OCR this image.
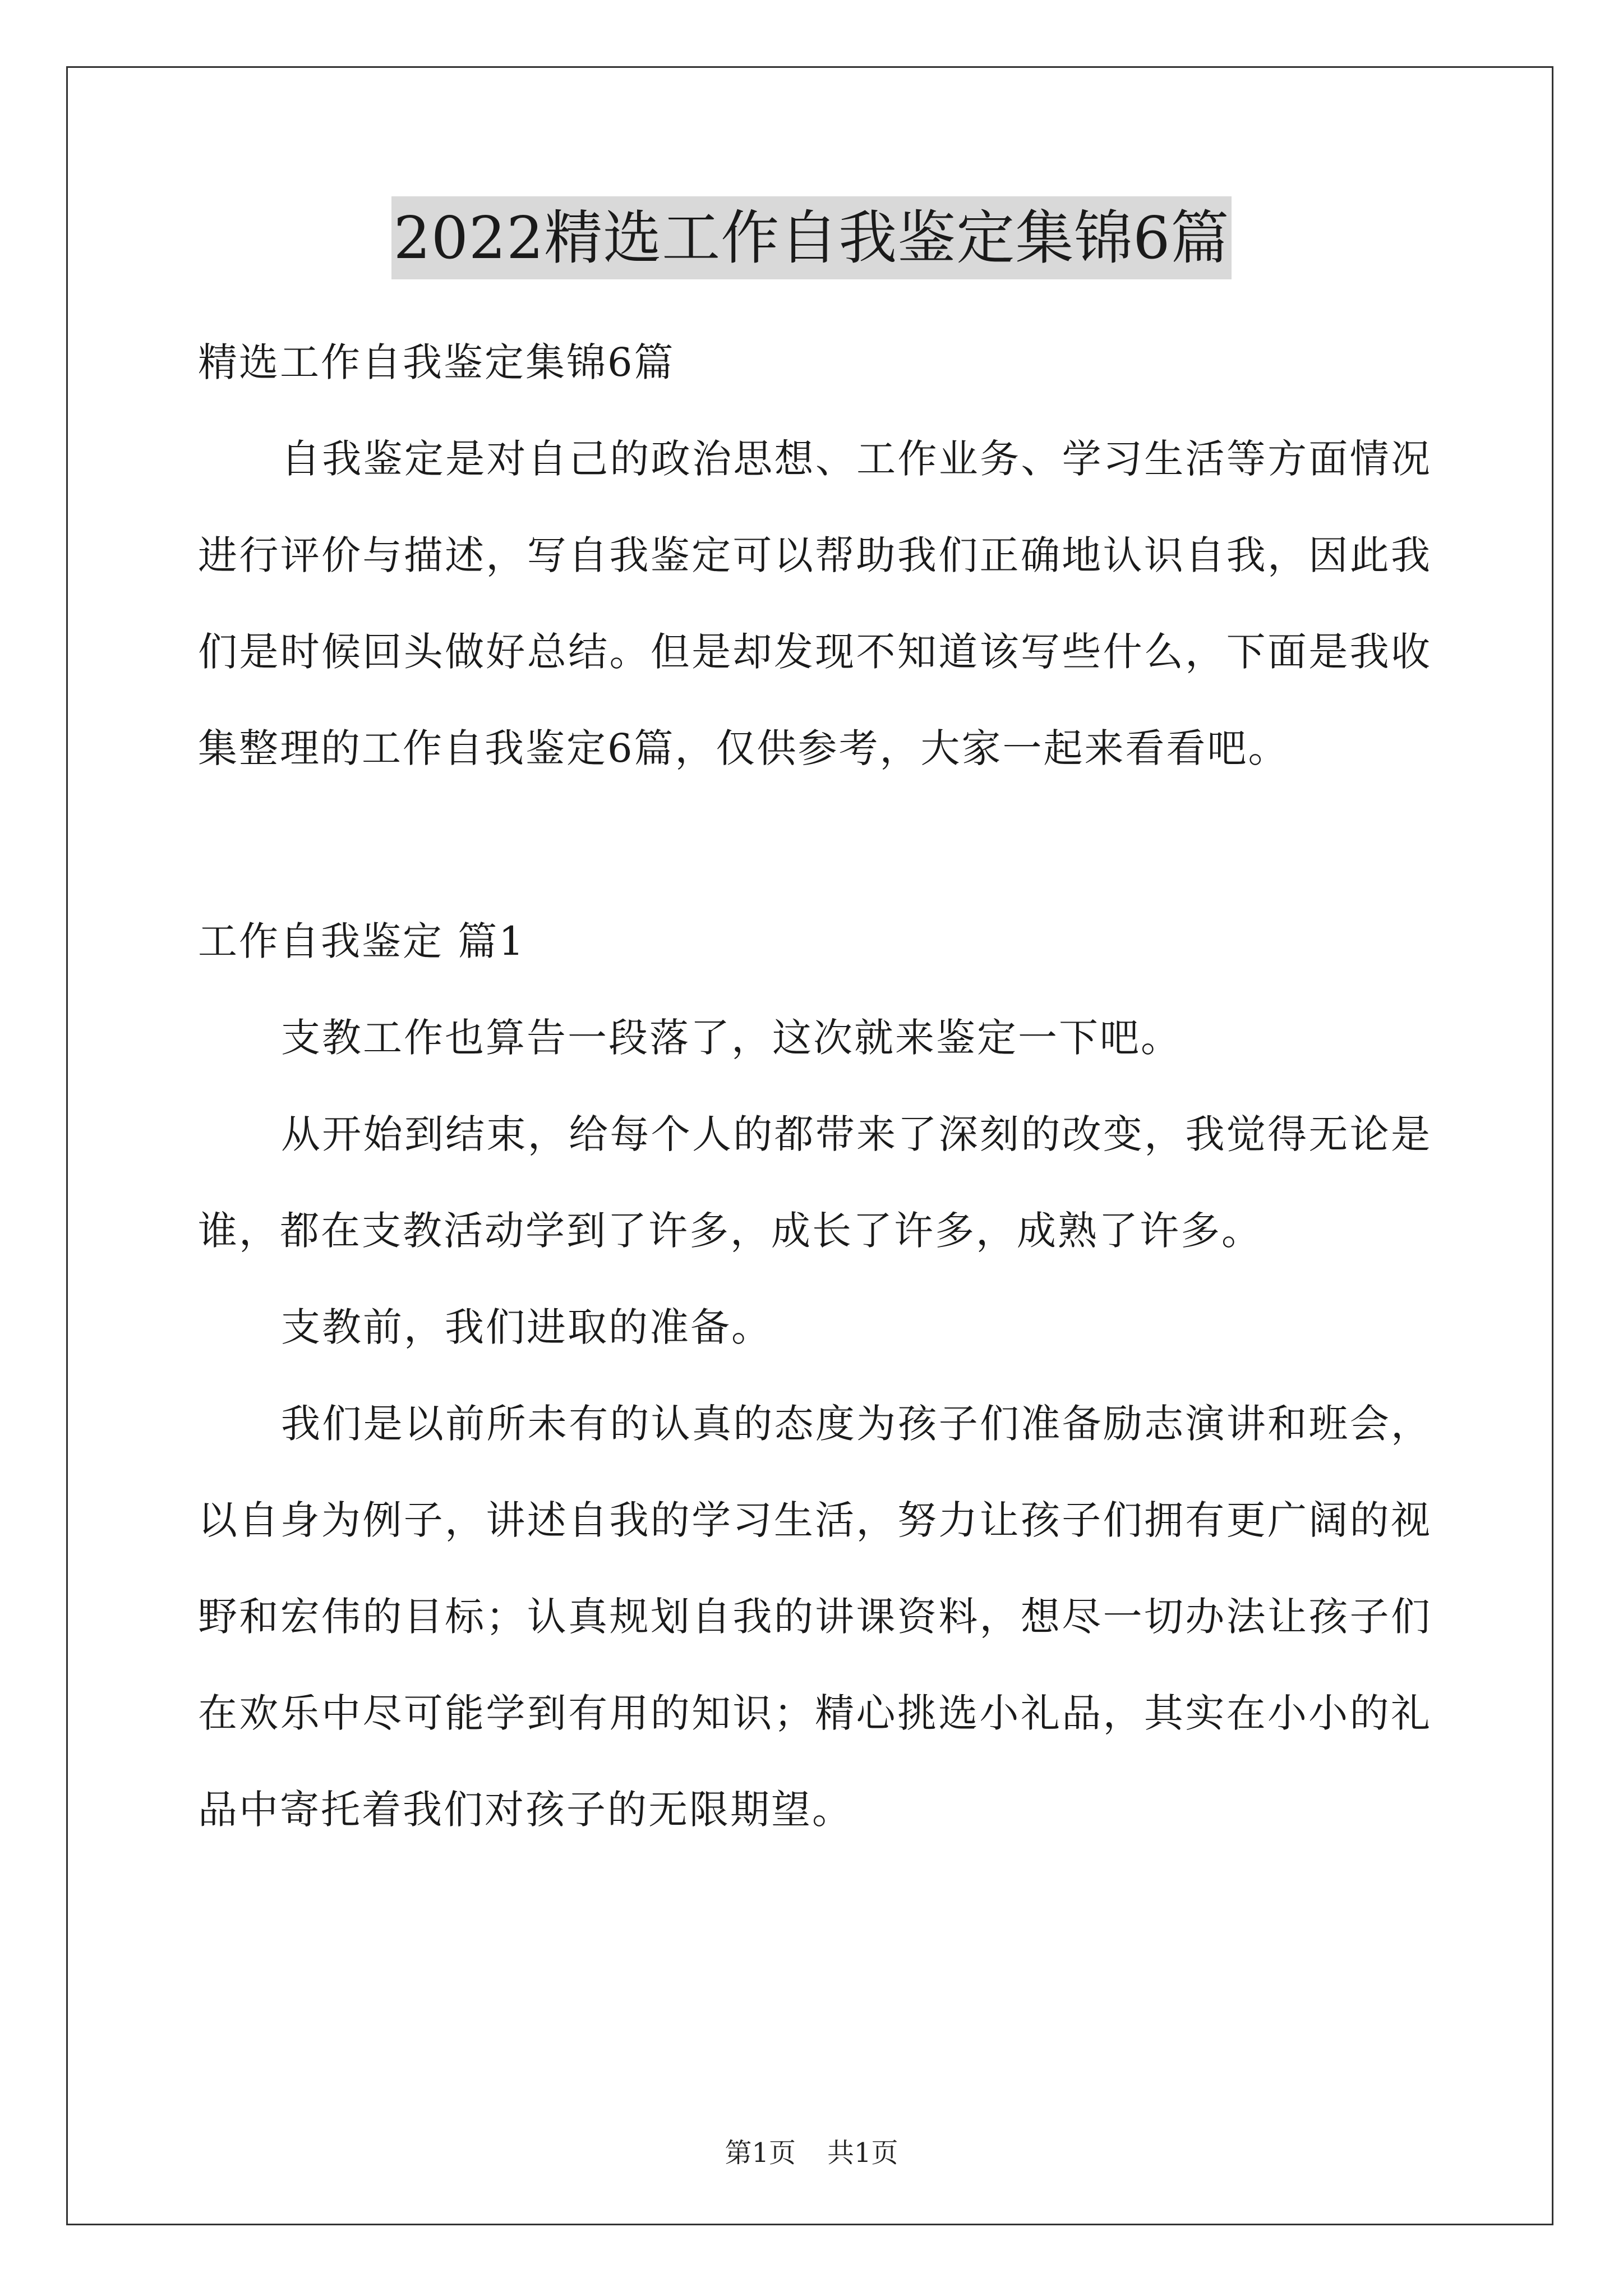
2022精选工作自我鉴定集锦6篇

精选工作自我鉴定集锦6篇

自我鉴定是对自己的政治思想、工作业务、学习生活等方面情况进行评价与描述，写自我鉴定可以帮助我们正确地认识自我，因此我们是时候回头做好总结。但是却发现不知道该写些什么，下面是我收集整理的工作自我鉴定6篇，仅供参考，大家一起来看看吧。

工作自我鉴定 篇1

支教工作也算告一段落了，这次就来鉴定一下吧。

从开始到结束，给每个人的都带来了深刻的改变，我觉得无论是谁，都在支教活动学到了许多，成长了许多，成熟了许多。

支教前，我们进取的准备。

我们是以前所未有的认真的态度为孩子们准备励志演讲和班会，以自身为例子，讲述自我的学习生活，努力让孩子们拥有更广阔的视野和宏伟的目标；认真规划自我的讲课资料，想尽一切办法让孩子们在欢乐中尽可能学到有用的知识；精心挑选小礼品，其实在小小的礼品中寄托着我们对孩子的无限期望。

第1页 共1页
